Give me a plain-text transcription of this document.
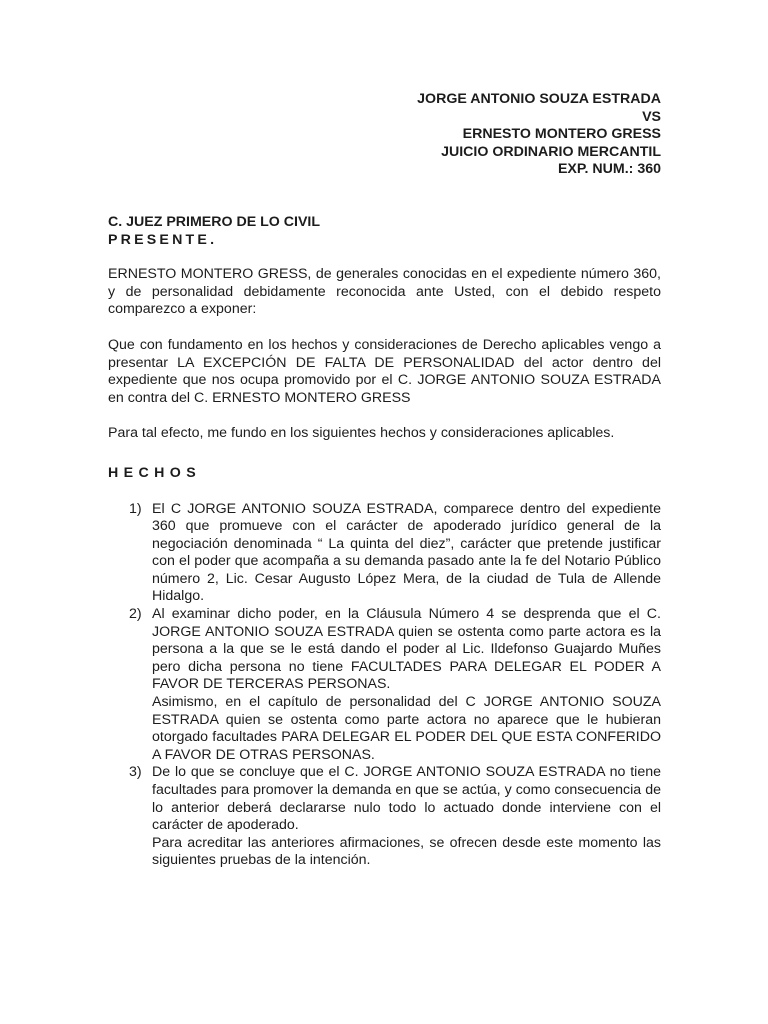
JORGE ANTONIO SOUZA ESTRADA
VS
ERNESTO MONTERO GRESS
JUICIO ORDINARIO MERCANTIL
EXP. NUM.: 360
C. JUEZ PRIMERO DE LO CIVIL
PRESENTE.

ERNESTO MONTERO GRESS, de generales conocidas en el expediente número 360, y de personalidad debidamente reconocida ante Usted, con el debido respeto comparezco a exponer:

Que con fundamento en los hechos y consideraciones de Derecho aplicables vengo a presentar LA EXCEPCIÓN DE FALTA DE PERSONALIDAD del actor dentro del expediente que nos ocupa promovido por el C. JORGE ANTONIO SOUZA ESTRADA en contra del C. ERNESTO MONTERO GRESS

Para tal efecto, me fundo en los siguientes hechos y consideraciones aplicables.

HECHOS
1) El C JORGE ANTONIO SOUZA ESTRADA, comparece dentro del expediente 360 que promueve con el carácter de apoderado jurídico general de la negociación denominada “ La quinta del diez”, carácter que pretende justificar con el poder que acompaña a su demanda pasado ante la fe del Notario Público número 2, Lic. Cesar Augusto López Mera, de la ciudad de Tula de Allende Hidalgo.
2) Al examinar dicho poder, en la Cláusula Número 4 se desprenda que el C. JORGE ANTONIO SOUZA ESTRADA quien se ostenta como parte actora es la persona a la que se le está dando el poder al Lic. Ildefonso Guajardo Muñes pero dicha persona no tiene FACULTADES PARA DELEGAR EL PODER A FAVOR DE TERCERAS PERSONAS.
Asimismo, en el capítulo de personalidad del C JORGE ANTONIO SOUZA ESTRADA quien se ostenta como parte actora no aparece que le hubieran otorgado facultades PARA DELEGAR EL PODER DEL QUE ESTA CONFERIDO A FAVOR DE OTRAS PERSONAS.
3) De lo que se concluye que el C. JORGE ANTONIO SOUZA ESTRADA no tiene facultades para promover la demanda en que se actúa, y como consecuencia de lo anterior deberá declararse nulo todo lo actuado donde interviene con el carácter de apoderado.
Para acreditar las anteriores afirmaciones, se ofrecen desde este momento las siguientes pruebas de la intención.
